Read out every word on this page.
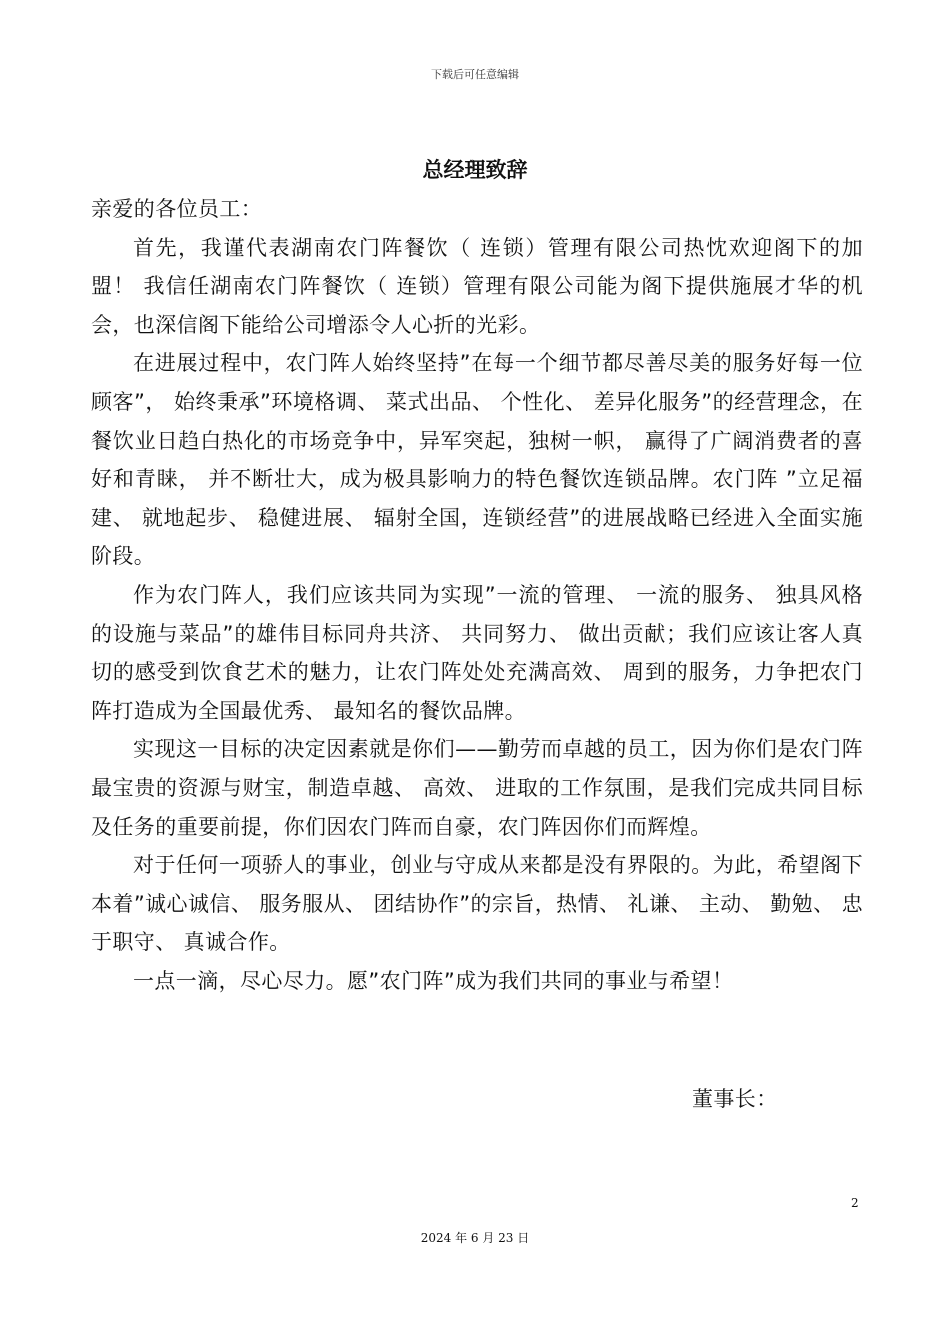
下载后可任意编辑
总经理致辞

亲爱的各位员工：

首先，我谨代表湖南农门阵餐饮（ 连锁）管理有限公司热忱欢迎阁下的加盟！ 我信任湖南农门阵餐饮（ 连锁）管理有限公司能为阁下提供施展才华的机会，也深信阁下能给公司增添令人心折的光彩。

在进展过程中，农门阵人始终坚持”在每一个细节都尽善尽美的服务好每一位顾客”， 始终秉承”环境格调、 菜式出品、 个性化、 差异化服务”的经营理念，在餐饮业日趋白热化的市场竞争中，异军突起，独树一帜， 赢得了广阔消费者的喜好和青睐， 并不断壮大，成为极具影响力的特色餐饮连锁品牌。农门阵 ”立足福建、 就地起步、 稳健进展、 辐射全国，连锁经营”的进展战略已经进入全面实施阶段。

作为农门阵人，我们应该共同为实现”一流的管理、 一流的服务、 独具风格的设施与菜品”的雄伟目标同舟共济、 共同努力、 做出贡献；我们应该让客人真切的感受到饮食艺术的魅力，让农门阵处处充满高效、 周到的服务，力争把农门阵打造成为全国最优秀、 最知名的餐饮品牌。

实现这一目标的决定因素就是你们——勤劳而卓越的员工，因为你们是农门阵最宝贵的资源与财宝，制造卓越、 高效、 进取的工作氛围，是我们完成共同目标及任务的重要前提，你们因农门阵而自豪，农门阵因你们而辉煌。

对于任何一项骄人的事业，创业与守成从来都是没有界限的。为此，希望阁下本着”诚心诚信、 服务服从、 团结协作”的宗旨，热情、 礼谦、 主动、 勤勉、 忠于职守、 真诚合作。

一点一滴，尽心尽力。愿”农门阵”成为我们共同的事业与希望！

董事长：
2
2024 年 6 月 23 日
